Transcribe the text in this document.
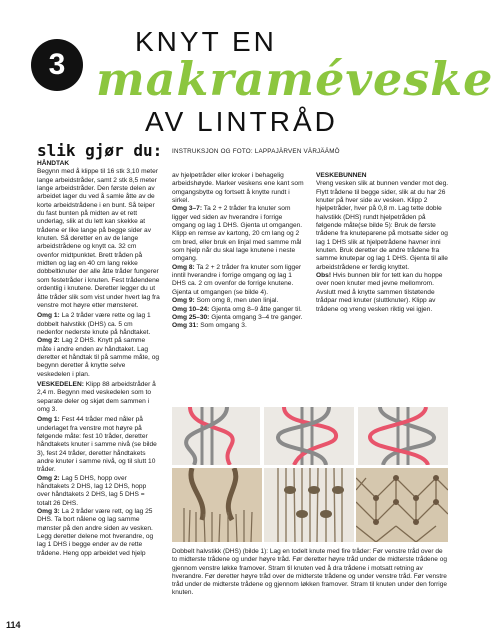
3
KNYT EN
makraméveske
AV LINTRÅD
slik gjør du: INSTRUKSJON OG FOTO: LAPPAJÄRVEN VÄRJÄÄMÖ

HÅNDTAK

Begynn med å klippe til 16 stk 3,10 meter lange arbeidstråder, samt 2 stk 8,5 meter lange arbeidstråder. Den første delen av arbeidet lager du ved å samle åtte av de korte arbeidstrådene i en bunt. Så teiper du fast bunten på midten av et rett underlag, slik at du lett kan skekke at trådene er like lange på begge sider av knuten. Så deretter en av de lange arbeidstrådene og knytt ca. 32 cm ovenfor midtpunktet. Brett tråden på midten og lag en 40 cm lang rekke dobbeltknuter der alle åtte tråder fungerer som festetråder i knuten. Fest trådendene ordentlig i knutene. Deretter legger du ut åtte tråder slik som vist under hvert lag fra venstre mot høyre etter mønsteret.

Omg 1: La 2 tråder være rette og lag 1 dobbelt halvstikk (DHS) ca. 5 cm nedenfor nederste knute på håndtaket.

Omg 2: Lag 2 DHS. Knytt på samme måte i andre enden av håndtaket. Lag deretter et håndtak til på samme måte, og begynn deretter å knytte selve veskedelen i plan.

VESKEDELEN: Klipp 88 arbeidstråder å 2,4 m. Begynn med veskedelen som to separate deler og skjøt dem sammen i omg 3.

Omg 1: Fest 44 tråder med nåler på underlaget fra venstre mot høyre på følgende måte: fest 10 tråder, deretter håndtakets knuter i samme nivå (se bilde 3), fest 24 tråder, deretter håndtakets andre knuter i samme nivå, og til slutt 10 tråder.

Omg 2: Lag 5 DHS, hopp over håndtakets 2 DHS, lag 12 DHS, hopp over håndtakets 2 DHS, lag 5 DHS = totalt 26 DHS.

Omg 3: La 2 tråder være rett, og lag 25 DHS. Ta bort nålene og lag samme mønster på den andre siden av vesken. Legg deretter delene mot hverandre, og lag 1 DHS i begge ender av de rette trådene. Heng opp arbeidet ved hjelp

av hjelpetråder eller kroker i behagelig arbeidshøyde. Marker veskens ene kant som omgangsbytte og fortsett å knytte rundt i sirkel.

Omg 3–7: Ta 2 + 2 tråder fra knuter som ligger ved siden av hverandre i forrige omgang og lag 1 DHS. Gjenta ut omgangen. Klipp en remse av kartong, 20 cm lang og 2 cm bred, eller bruk en linjal med samme mål som hjelp når du skal lage knutene i neste omgang.

Omg 8: Ta 2 + 2 tråder fra knuter som ligger inntil hverandre i forrige omgang og lag 1 DHS ca. 2 cm ovenfor de forrige knutene. Gjenta ut omgangen (se bilde 4).

Omg 9: Som omg 8, men uten linjal.

Omg 10–24: Gjenta omg 8–9 åtte ganger til.

Omg 25–30: Gjenta omgang 3–4 tre ganger.

Omg 31: Som omgang 3.

VESKEBUNNEN

Vreng vesken slik at bunnen vender mot deg. Flytt trådene til begge sider, slik at du har 26 knuter på hver side av vesken. Klipp 2 hjelpetråder, hver på 0,8 m. Lag tette doble halvstikk (DHS) rundt hjelpetråden på følgende måte(se bilde 5): Bruk de første trådene fra knuteparene på motsatte sider og lag 1 DHS slik at hjelpetrådene havner inni knuten. Bruk deretter de andre trådene fra samme knutepar og lag 1 DHS. Gjenta til alle arbeidstrådene er ferdig knyttet.

Obs! Hvis bunnen blir for tett kan du hoppe over noen knuter med jevne mellomrom.

Avslutt med å knytte sammen tilstøtende trådpar med knuter (sluttknuter). Klipp av trådene og vreng vesken riktig vei igjen.

Dobbelt halvstikk (DHS) (bilde 1): Lag en todelt knute med fire tråder: Før venstre tråd over de to midterste trådene og under høyre tråd. Før deretter høyre tråd under de midterste trådene og gjennom venstre løkke framover. Stram til knuten ved å dra trådene i motsatt retning av hverandre. Før deretter høyre tråd over de midterste trådene og under venstre tråd. Før venstre tråd under de midterste trådene og gjennom løkken framover. Stram til knuten under den forrige knuten.
114
